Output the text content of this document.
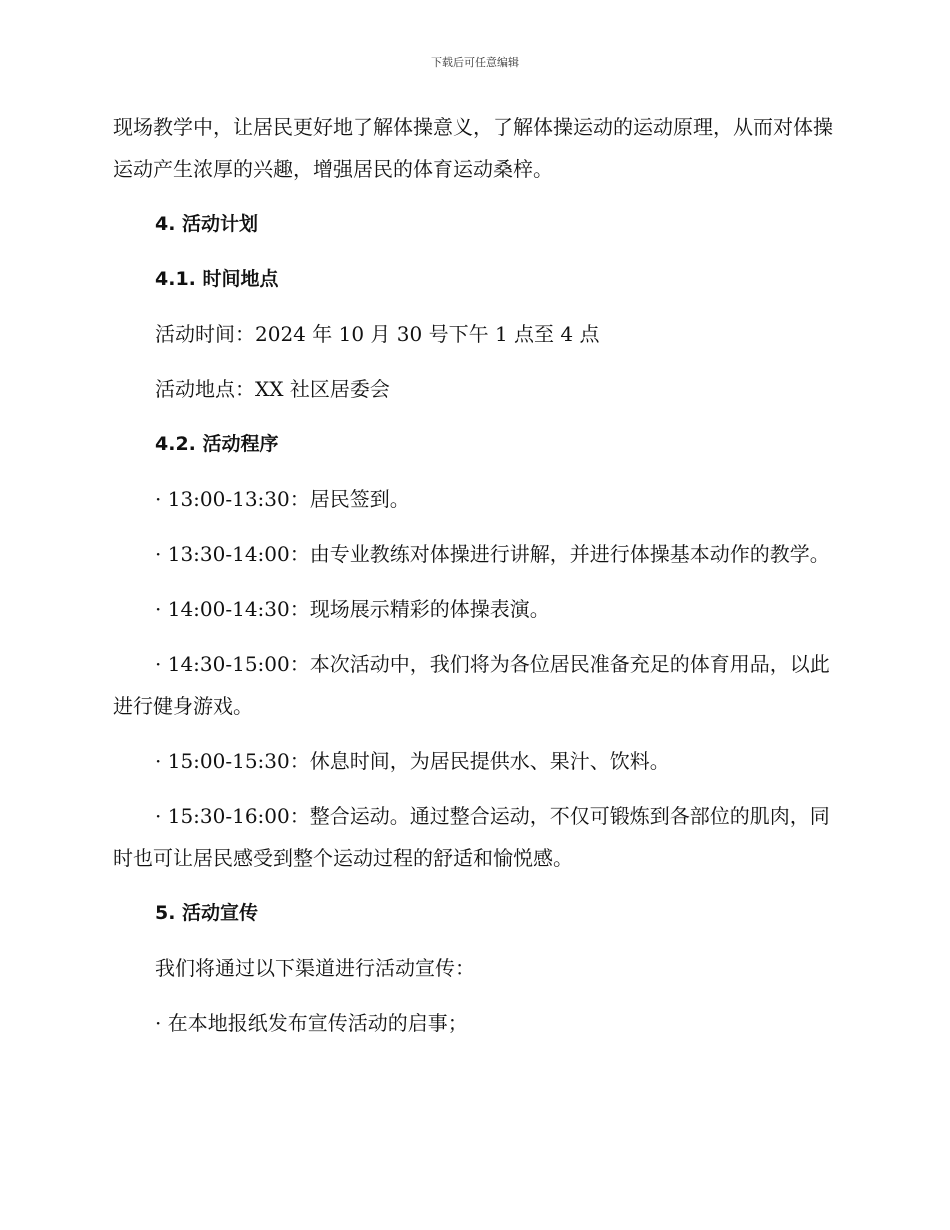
下载后可任意编辑

现场教学中，让居民更好地了解体操意义，了解体操运动的运动原理，从而对体操运动产生浓厚的兴趣，增强居民的体育运动桑梓。

4. 活动计划

4.1. 时间地点

活动时间：2024 年 10 月 30 号下午 1 点至 4 点

活动地点：XX 社区居委会

4.2. 活动程序

· 13:00-13:30：居民签到。

· 13:30-14:00：由专业教练对体操进行讲解，并进行体操基本动作的教学。

· 14:00-14:30：现场展示精彩的体操表演。

· 14:30-15:00：本次活动中，我们将为各位居民准备充足的体育用品，以此进行健身游戏。

· 15:00-15:30：休息时间，为居民提供水、果汁、饮料。

· 15:30-16:00：整合运动。通过整合运动，不仅可锻炼到各部位的肌肉，同时也可让居民感受到整个运动过程的舒适和愉悦感。

5. 活动宣传

我们将通过以下渠道进行活动宣传：

· 在本地报纸发布宣传活动的启事；
